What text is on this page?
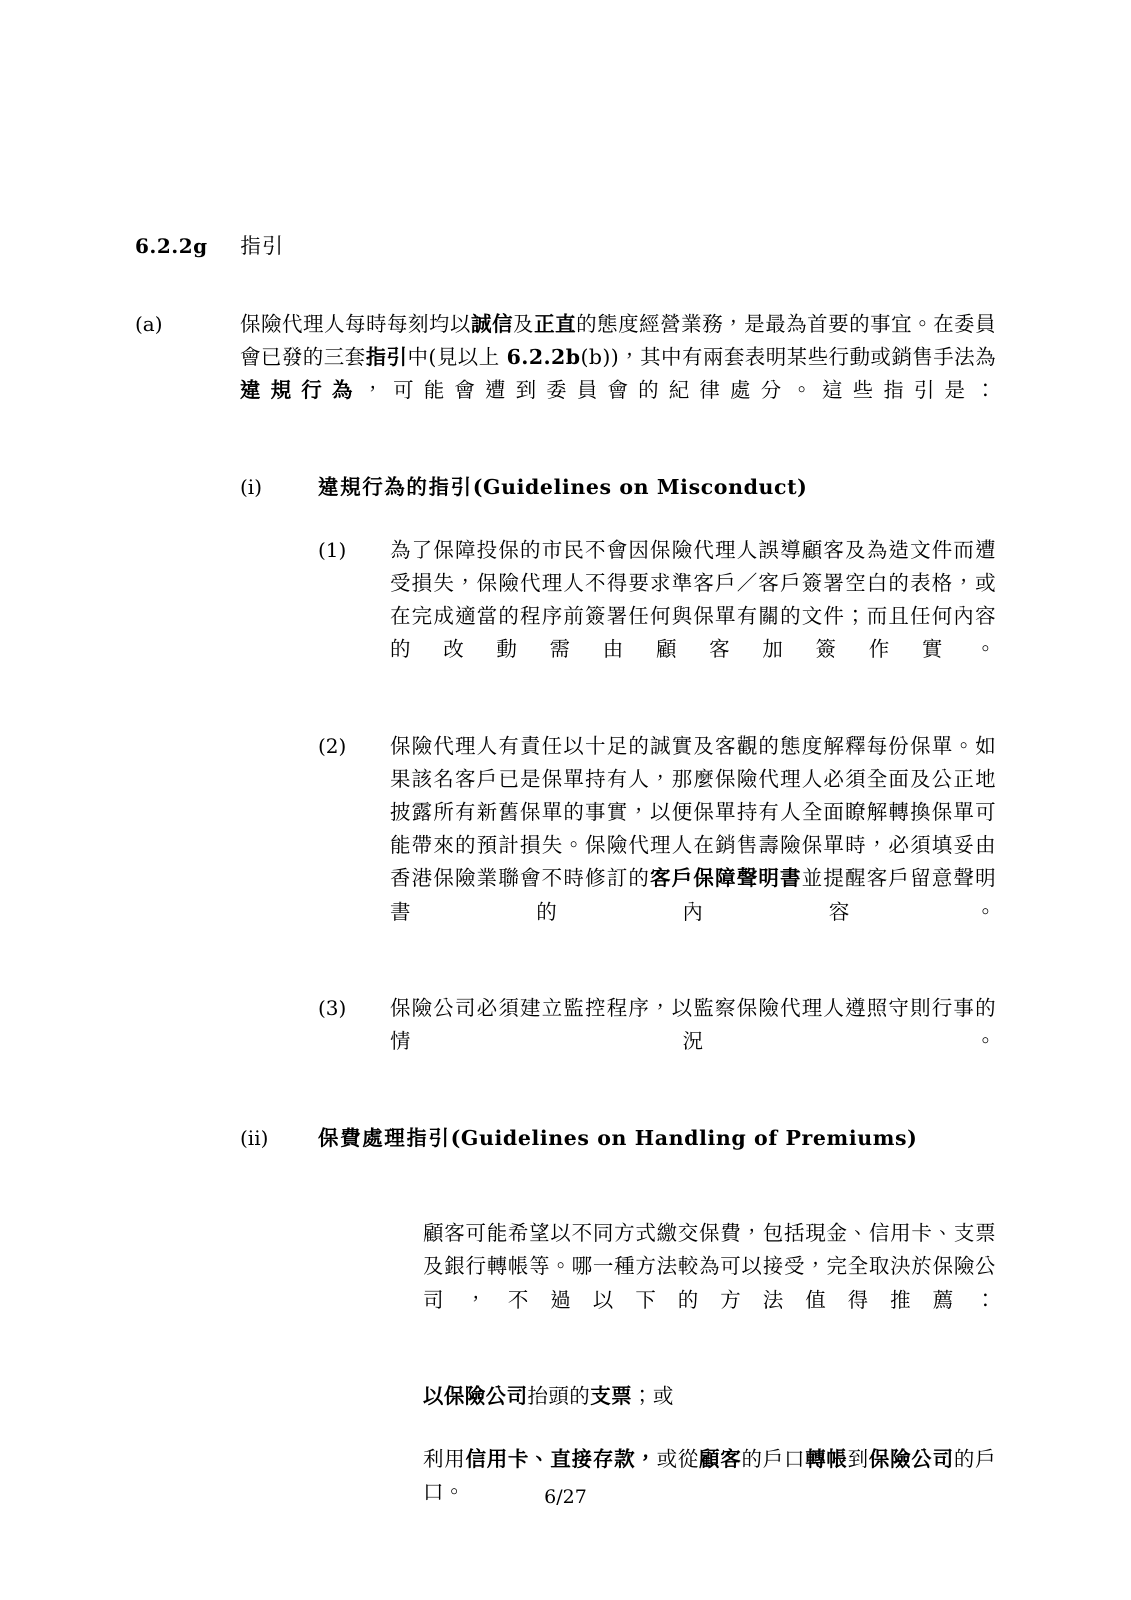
6.2.2g	指引
(a)	保險代理人每時每刻均以誠信及正直的態度經營業務，是最為首要的事宜。在委員會已發的三套指引中(見以上 6.2.2b(b))，其中有兩套表明某些行動或銷售手法為違規行為，可能會遭到委員會的紀律處分。這些指引是：
(i)	違規行為的指引(Guidelines on Misconduct)
(1)	為了保障投保的市民不會因保險代理人誤導顧客及為造文件而遭受損失，保險代理人不得要求準客戶／客戶簽署空白的表格，或在完成適當的程序前簽署任何與保單有關的文件；而且任何內容的改動需由顧客加簽作實。
(2)	保險代理人有責任以十足的誠實及客觀的態度解釋每份保單。如果該名客戶已是保單持有人，那麼保險代理人必須全面及公正地披露所有新舊保單的事實，以便保單持有人全面瞭解轉換保單可能帶來的預計損失。保險代理人在銷售壽險保單時，必須填妥由香港保險業聯會不時修訂的客戶保障聲明書並提醒客戶留意聲明書的內容。
(3)	保險公司必須建立監控程序，以監察保險代理人遵照守則行事的情況。
(ii)	保費處理指引(Guidelines on Handling of Premiums)
顧客可能希望以不同方式繳交保費，包括現金、信用卡、支票及銀行轉帳等。哪一種方法較為可以接受，完全取決於保險公司，不過以下的方法值得推薦：
以保險公司抬頭的支票；或
利用信用卡、直接存款，或從顧客的戶口轉帳到保險公司的戶口。	6/27
